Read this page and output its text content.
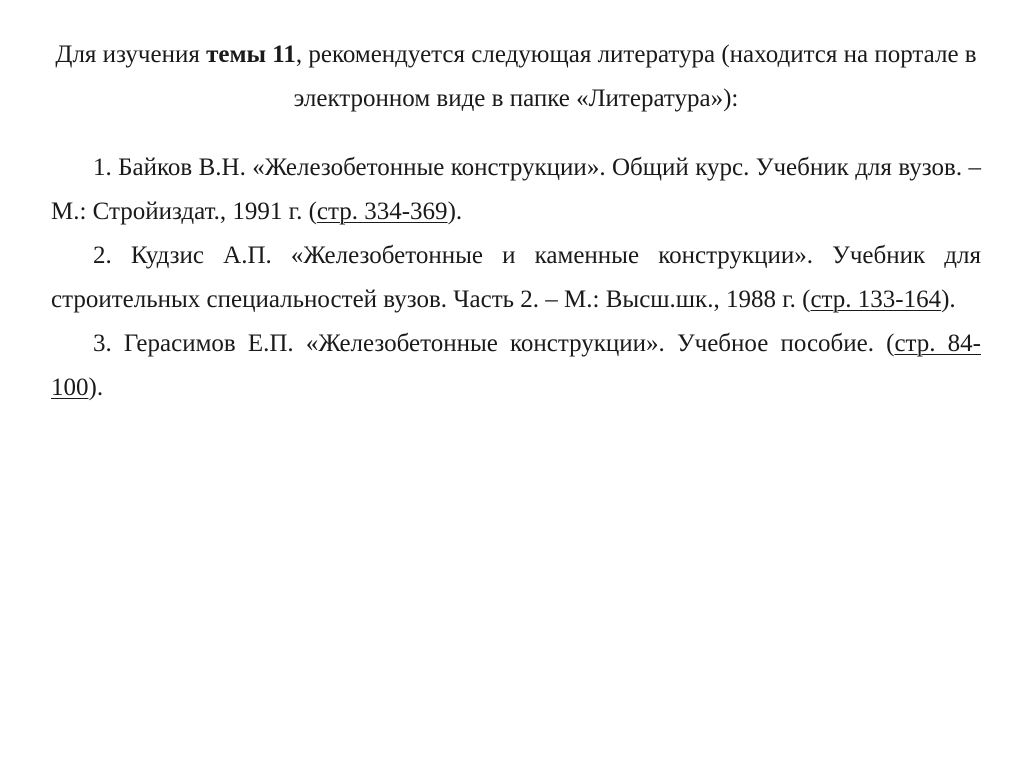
Для изучения темы 11, рекомендуется следующая литература (находится на портале в электронном виде в папке «Литература»):

1. Байков В.Н. «Железобетонные конструкции». Общий курс. Учебник для вузов. – М.: Стройиздат., 1991 г. (стр. 334-369).

2. Кудзис А.П. «Железобетонные и каменные конструкции». Учебник для строительных специальностей вузов. Часть 2. – М.: Высш.шк., 1988 г. (стр. 133-164).

3. Герасимов Е.П. «Железобетонные конструкции». Учебное пособие. (стр. 84-100).
